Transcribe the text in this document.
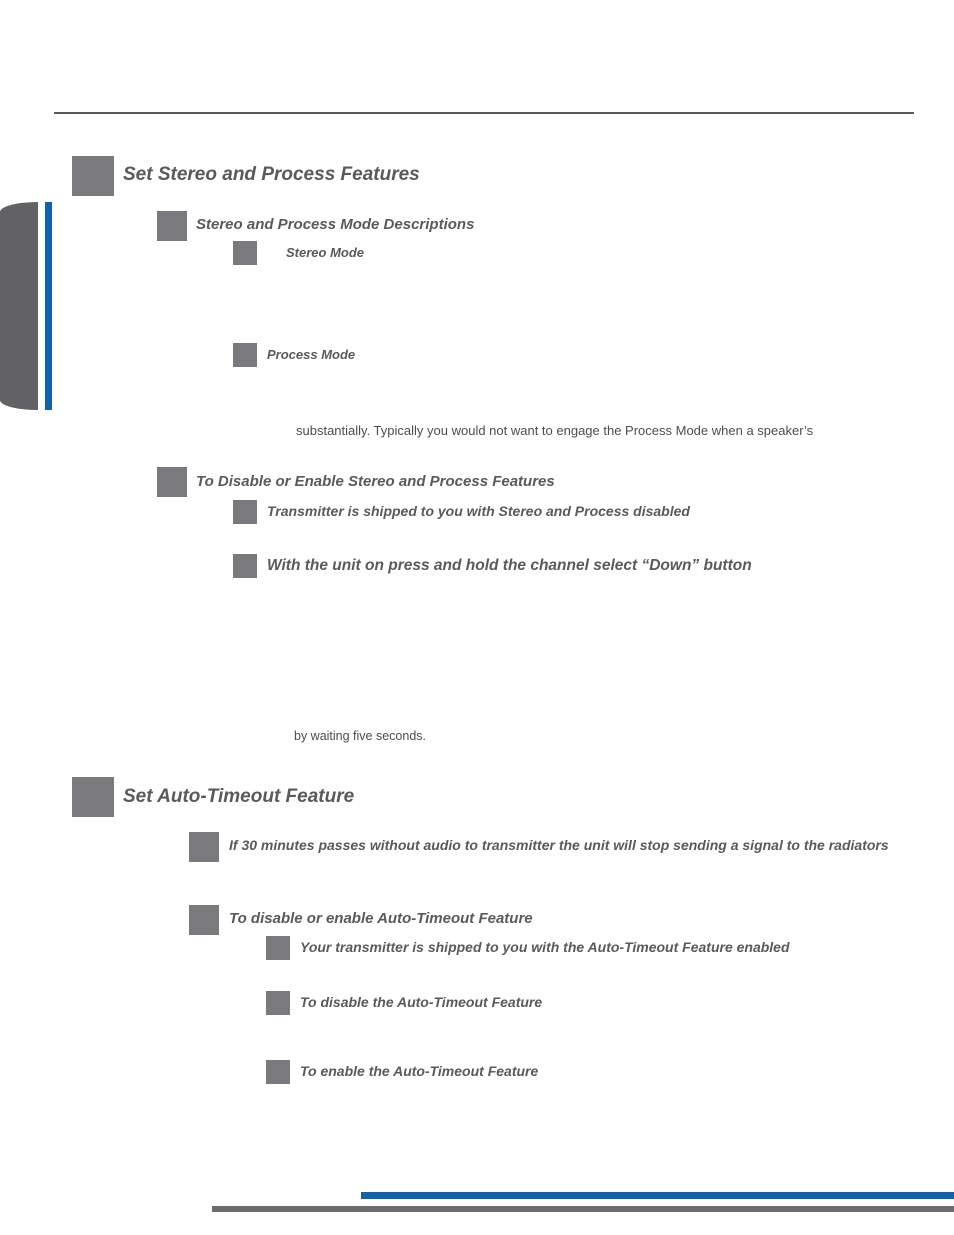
Set Stereo and Process Features
Stereo and Process Mode Descriptions
Stereo Mode
Process Mode
substantially. Typically you would not want to engage the Process Mode when a speaker’s
To Disable or Enable Stereo and Process Features
Transmitter is shipped to you with Stereo and Process disabled
With the unit on press and hold the channel select “Down” button
by waiting five seconds.
Set Auto-Timeout Feature
If 30 minutes passes without audio to transmitter the unit will stop sending a signal to the radiators
To disable or enable Auto-Timeout Feature
Your transmitter is shipped to you with the Auto-Timeout Feature enabled
To disable the Auto-Timeout Feature
To enable the Auto-Timeout Feature
